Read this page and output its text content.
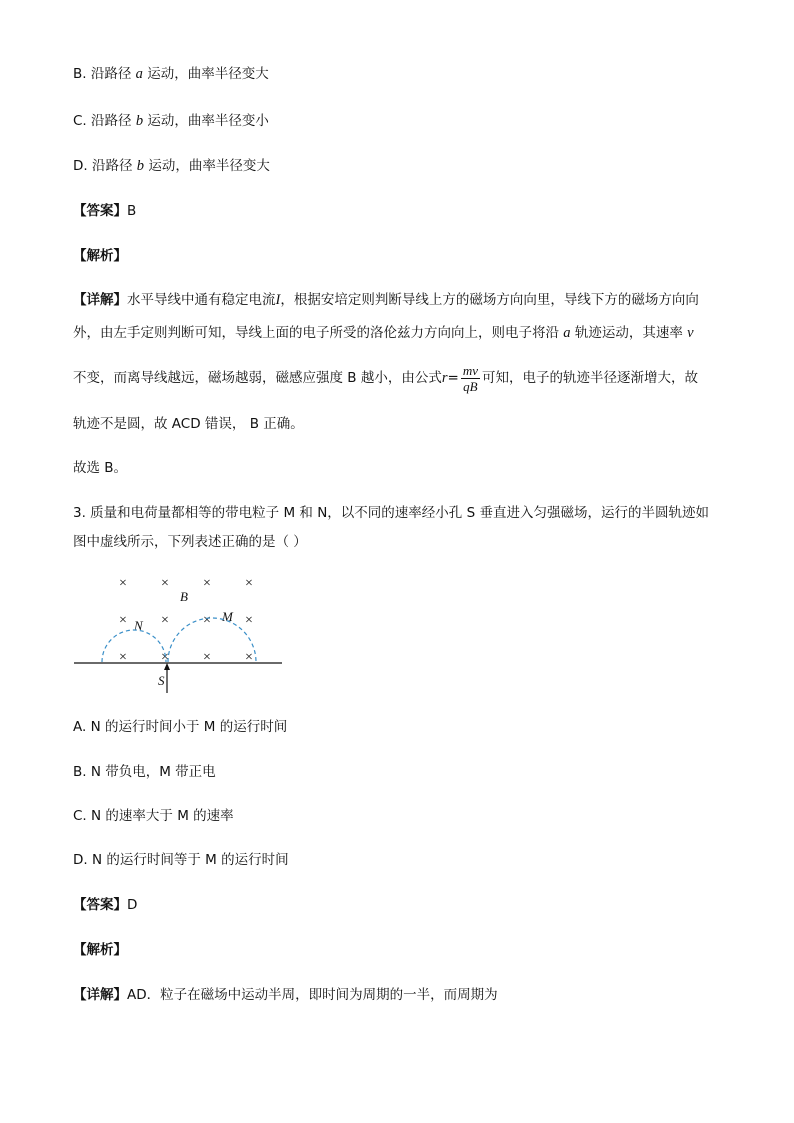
B. 沿路径 a 运动，曲率半径变大
C. 沿路径 b 运动，曲率半径变小
D. 沿路径 b 运动，曲率半径变大
【答案】B
【解析】
【详解】水平导线中通有稳定电流I，根据安培定则判断导线上方的磁场方向向里，导线下方的磁场方向向
外，由左手定则判断可知，导线上面的电子所受的洛伦兹力方向向上，则电子将沿 a 轨迹运动，其速率 v
不变，而离导线越远，磁场越弱，磁感应强度 B 越小，由公式$r= \frac{mv}{qB}$ 可知，电子的轨迹半径逐渐增大，故
轨迹不是圆，故 ACD 错误， B 正确。
故选 B。
3. 质量和电荷量都相等的带电粒子 M 和 N，以不同的速率经小孔 S 垂直进入匀强磁场，运行的半圆轨迹如
图中虚线所示，下列表述正确的是（ ）
× × × ×
× × × ×
× × × ×
B
N
M
S
A. N 的运行时间小于 M 的运行时间
B. N 带负电，M 带正电
C. N 的速率大于 M 的速率
D. N 的运行时间等于 M 的运行时间
【答案】D
【解析】
【详解】AD．粒子在磁场中运动半周，即时间为周期的一半，而周期为
